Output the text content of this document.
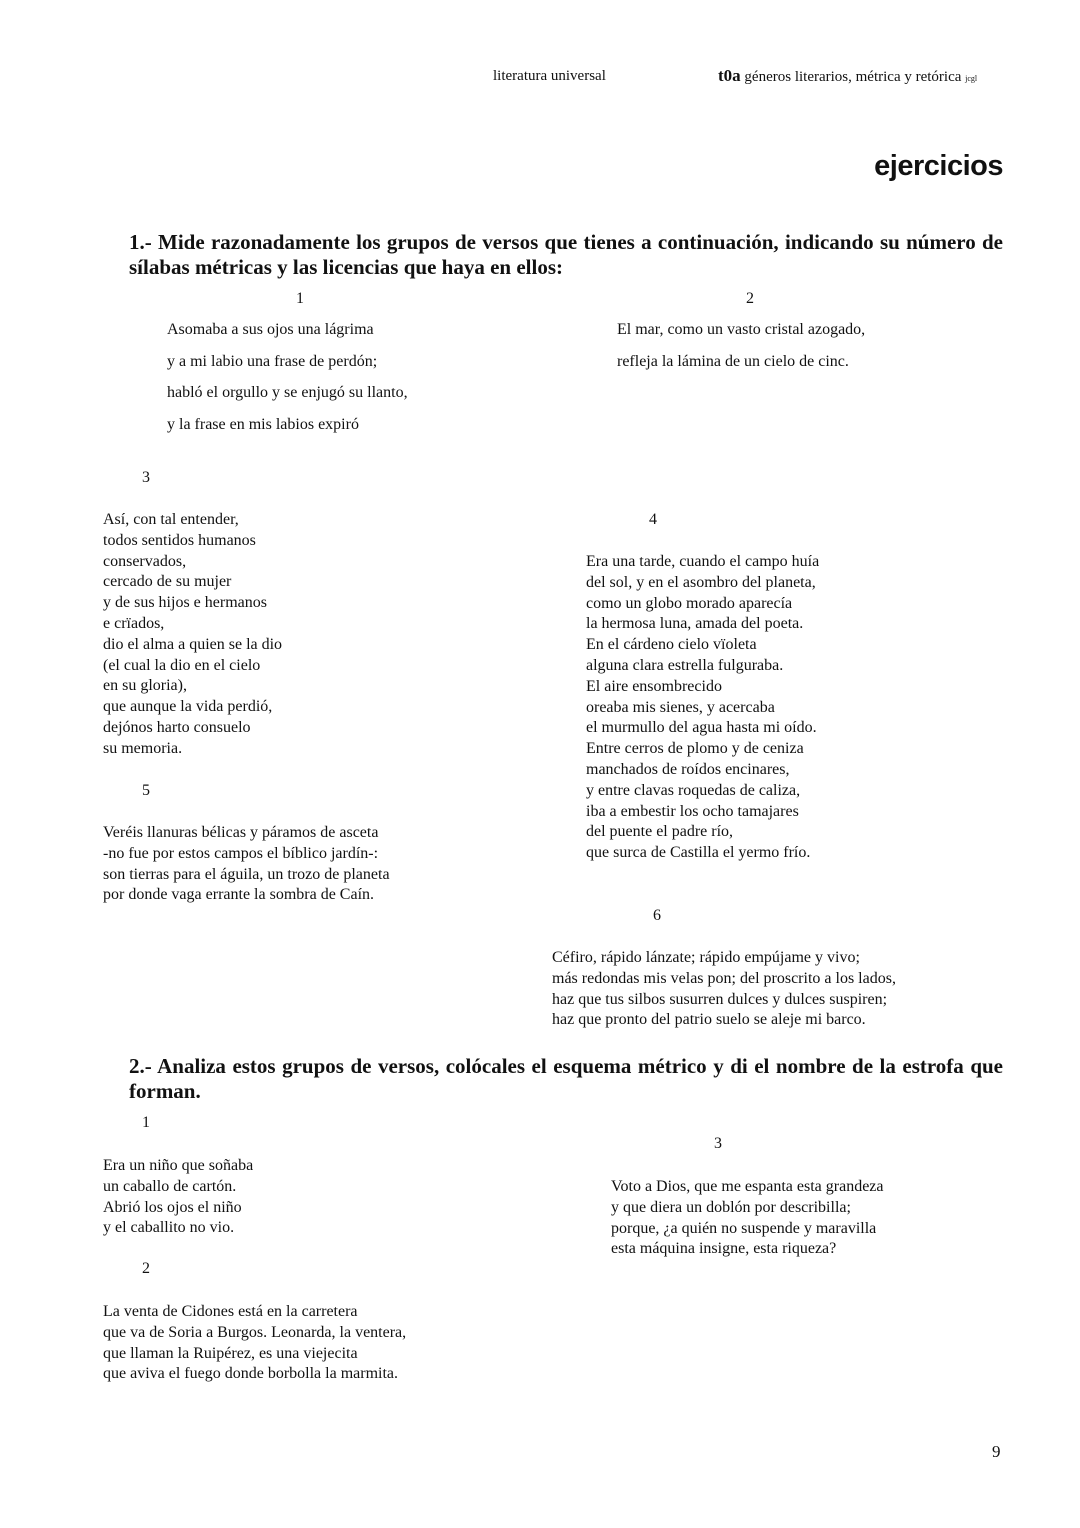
literatura universal	t0a géneros literarios, métrica y retórica jcgl
ejercicios
1.- Mide razonadamente los grupos de versos que tienes a continuación, indicando su número de sílabas métricas y las licencias que haya en ellos:
1
Asomaba a sus ojos una lágrima
y a mi labio una frase de perdón;
habló el orgullo y se enjugó su llanto,
y la frase en mis labios expiró
2
El mar, como un vasto cristal azogado,
refleja la lámina de un cielo de cinc.
3
Así, con tal entender,
todos sentidos humanos
conservados,
cercado de su mujer
y de sus hijos e hermanos
e crïados,
dio el alma a quien se la dio
(el cual la dio en el cielo
en su gloria),
que aunque la vida perdió,
dejónos harto consuelo
su memoria.
4
Era una tarde, cuando el campo huía
del sol, y en el asombro del planeta,
como un globo morado aparecía
la hermosa luna, amada del poeta.
En el cárdeno cielo vïoleta
alguna clara estrella fulguraba.
El aire ensombrecido
oreaba mis sienes, y acercaba
el murmullo del agua hasta mi oído.
Entre cerros de plomo y de ceniza
manchados de roídos encinares,
y entre clavas roquedas de caliza,
iba a embestir los ocho tamajares
del puente el padre río,
que surca de Castilla el yermo frío.
5
Veréis llanuras bélicas y páramos de asceta
-no fue por estos campos el bíblico jardín-:
son tierras para el águila, un trozo de planeta
por donde vaga errante la sombra de Caín.
6
Céfiro, rápido lánzate; rápido empújame y vivo;
más redondas mis velas pon; del proscrito a los lados,
haz que tus silbos susurren dulces y dulces suspiren;
haz que pronto del patrio suelo se aleje mi barco.
2.- Analiza estos grupos de versos, colócales el esquema métrico y di el nombre de la estrofa que forman.
1
Era un niño que soñaba
un caballo de cartón.
Abrió los ojos el niño
y el caballito no vio.
3
Voto a Dios, que me espanta esta grandeza
y que diera un doblón por describilla;
porque, ¿a quién no suspende y maravilla
esta máquina insigne, esta riqueza?
2
La venta de Cidones está en la carretera
que va de Soria a Burgos. Leonarda, la ventera,
que llaman la Ruipérez, es una viejecita
que aviva el fuego donde borbolla la marmita.
9
